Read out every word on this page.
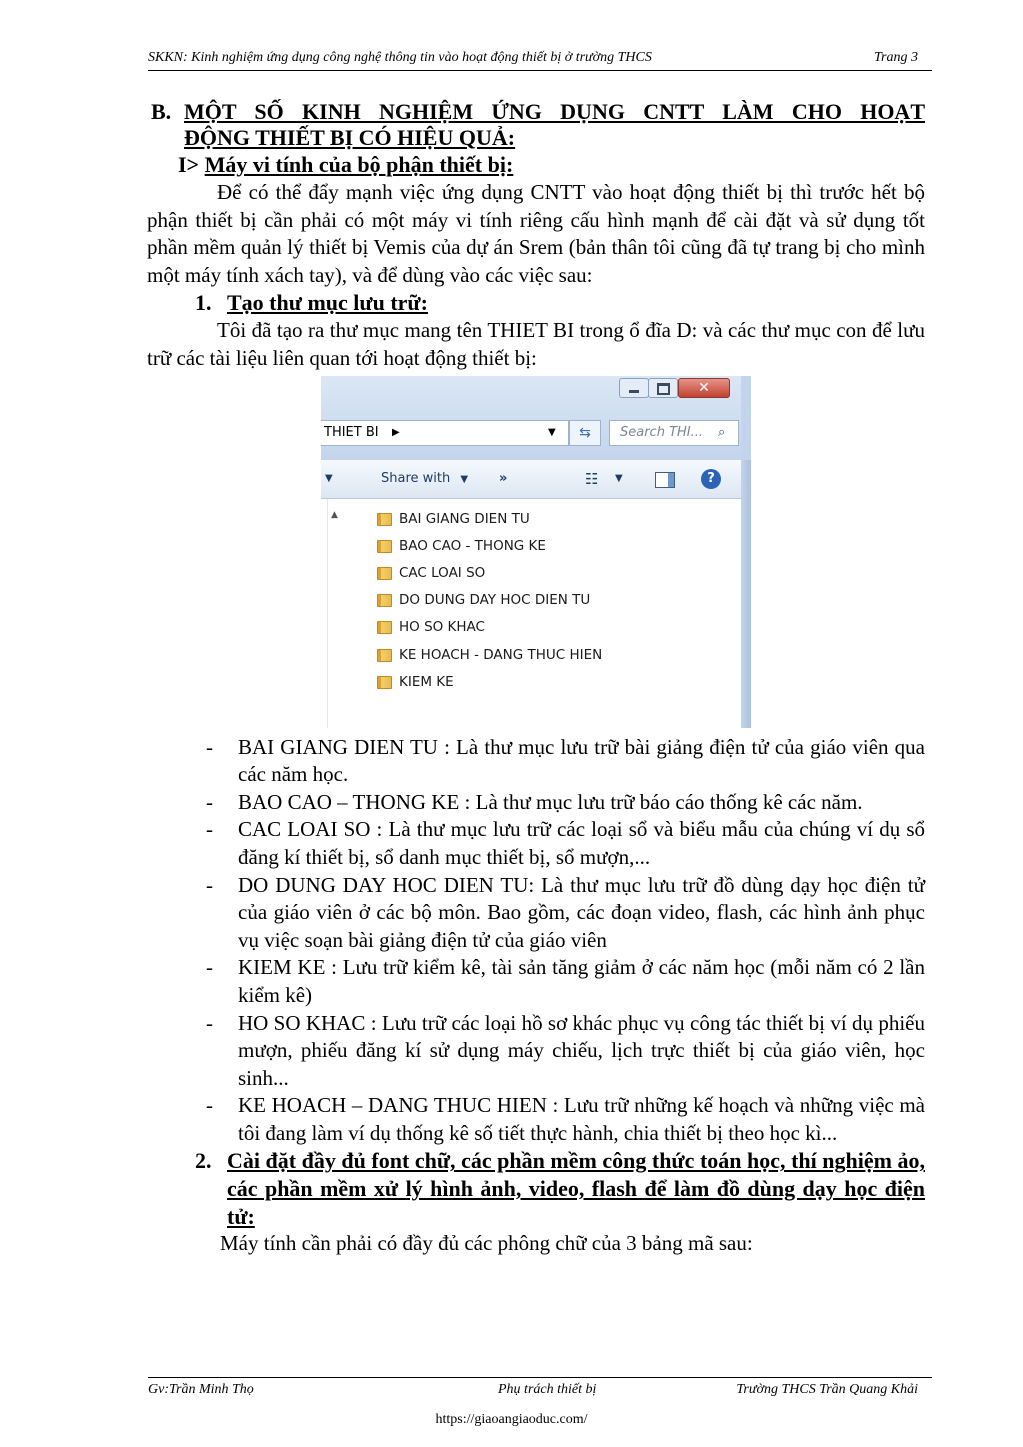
SKKN: Kinh nghiệm ứng dụng công nghệ thông tin vào hoạt động thiết bị ở trường THCS	Trang 3
B. MỘT SỐ KINH NGHIỆM ỨNG DỤNG CNTT LÀM CHO HOẠT
ĐỘNG THIẾT BỊ CÓ HIỆU QUẢ:
I> Máy vi tính của bộ phận thiết bị:

Để có thể đẩy mạnh việc ứng dụng CNTT vào hoạt động thiết bị thì trước hết bộ phận thiết bị cần phải có một máy vi tính riêng cấu hình mạnh để cài đặt và sử dụng tốt phần mềm quản lý thiết bị Vemis của dự án Srem (bản thân tôi cũng đã tự trang bị cho mình một máy tính xách tay), và để dùng vào các việc sau:

1. Tạo thư mục lưu trữ:

Tôi đã tạo ra thư mục mang tên THIET BI trong ổ đĩa D: và các thư mục con để lưu trữ các tài liệu liên quan tới hoạt động thiết bị:

✕
THIET BI ▶	▼	⇆	Search THI... ⌕
▼	Share with ▼ »	☷ ▼	?
▲	BAI GIANG DIEN TU
BAO CAO - THONG KE
CAC LOAI SO
DO DUNG DAY HOC DIEN TU
HO SO KHAC
KE HOACH - DANG THUC HIEN
KIEM KE
- BAI GIANG DIEN TU : Là thư mục lưu trữ bài giảng điện tử của giáo viên qua các năm học.
- BAO CAO – THONG KE : Là thư mục lưu trữ báo cáo thống kê các năm.
- CAC LOAI SO : Là thư mục lưu trữ các loại sổ và biểu mẫu của chúng ví dụ sổ đăng kí thiết bị, sổ danh mục thiết bị, sổ mượn,...
- DO DUNG DAY HOC DIEN TU: Là thư mục lưu trữ đồ dùng dạy học điện tử của giáo viên ở các bộ môn. Bao gồm, các đoạn video, flash, các hình ảnh phục vụ việc soạn bài giảng điện tử của giáo viên
- KIEM KE : Lưu trữ kiểm kê, tài sản tăng giảm ở các năm học (mỗi năm có 2 lần kiểm kê)
- HO SO KHAC : Lưu trữ các loại hồ sơ khác phục vụ công tác thiết bị ví dụ phiếu mượn, phiếu đăng kí sử dụng máy chiếu, lịch trực thiết bị của giáo viên, học sinh...
- KE HOACH – DANG THUC HIEN : Lưu trữ những kế hoạch và những việc mà tôi đang làm ví dụ thống kê số tiết thực hành, chia thiết bị theo học kì...
2. Cài đặt đầy đủ font chữ, các phần mềm công thức toán học, thí nghiệm ảo, các phần mềm xử lý hình ảnh, video, flash để làm đồ dùng dạy học điện tử:

Máy tính cần phải có đầy đủ các phông chữ của 3 bảng mã sau:

Gv:Trần Minh Thọ	Phụ trách thiết bị	Trường THCS Trần Quang Khải
https://giaoangiaoduc.com/
